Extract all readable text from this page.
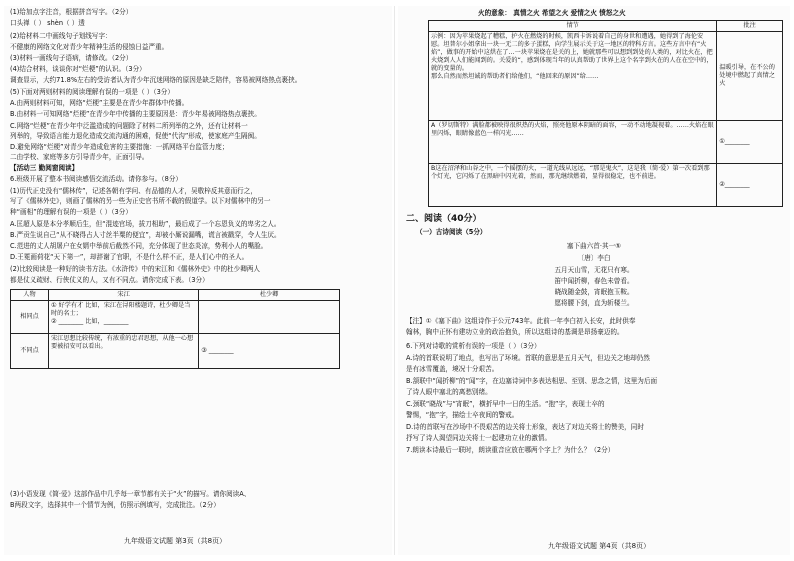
(1)给加点字注音，根据拼音写字。（2分）
口头禅（ ） shèn（ ）透
(2)给材料二中画线句子划线写字：
不健康的网络文化对青少年精神生活的侵蚀日益严重。
(3)材料一画线句子语病，请修改。（2分）
(4)结合材料，谈谈你对“烂梗”的认识。（3分）
调查显示，大约71.8%左右的受访者认为青少年沉迷网络的原因是缺乏陪伴，容易被网络热点裹挟。
(5)下面对两则材料的阅读理解有误的一项是（ ）（3分）
A.由两则材料可知，网络“烂梗”主要是在青少年群体中传播。
B.由材料一可知网络“烂梗”在青少年中传播的主要原因是：青少年易被网络热点裹挟。
C.网络“烂梗”在青少年中泛滥造成的问题除了材料二所列举的之外，还有让材料一
列举的，导致语言能力退化造成交流沟通的困难，促使“代沟”形成，使家庭产生隔阂。
D.避免网络“烂梗”对青少年造成危害的主要措施：一抓网络平台监管力度；
二由学校、家庭等多方引导青少年，正面引导。
【活动三 勤阅窗阅读】
6.班级开展了整本书阅读感悟交流活动。请你参与。（8分）
(1)历代正史没有“儒林传”，记述各朝有学问、有品德的人才，吴敬梓反其意而行之，
写了《儒林外史》，则画了儒林的另一些为正史官书所不载的假道学。以下对儒林中的另一
种“画相”的理解有误的一项是（ ）（3分）
A.匡超人原是本分孝顺后生，但“混迹官场，拔刀相助”，最后成了一个忘恩负义的卑劣之人。
B.严贡生说自己“从不晓得占人寸丝半粟的便宜”，却被小厮说漏嘴，谎言被戳穿，令人生厌。
C.范进的丈人胡屠户在女婿中举前后截然不同，充分体现了世态炎凉，势利小人的嘴脸。
D.王冕画荷花“天下第一”，却辞谢了官职，不是什么样不正，是人们心中的圣人。
(2)比较阅读是一种好的读书方法。《水浒传》中的宋江和《儒林外史》中的杜少卿两人
都是仗义疏财、行侠仗义的人，又有不同点。请你完成下表。（3分）
人物	宋江	杜少卿
相同点	① 好学有才 比如，宋江在浔阳楼题诗，杜少卿是当时的名士；
② ________ 比如，________	

不同点	宋江思想比较传统，有浓重的忠君思想，从他一心想要被招安可以看出。	③ ________
(3)小语发现《简·爱》这部作品中几乎每一章节都有关于“火”的描写。请你阅读A、
B两段文字，选择其中一个情节为例，仿照示例填写，完成批注。（2分）
九年级语文试题 第3页（共8页）
火的意象： 真情之火 希望之火 爱情之火 愤怒之火
情节	批注

示例：因为苹果烧起了糟糕，护火在燃烧的时候，凯西卡诉说着自己的身世和遭遇，她得到了海伦安慰。坦普尔小姐拿出一块一无二的多子蛋糕，向学生展示关于这一地区的特科方言。这些方言中有“火焰”，做事的开始中这烘在了…一块苹果烧在是关的上，她就那些可以想到到处的人类的，对比火在，把火烧到人人们能闻到的。关爱的“，感到体现当年的认真帮助了世界上这个名字到火在的人在在空中的，就的变量的。
那么自然而然坦诚的帮助者们给他们，“他回来的原因”给……	温暖引导，在不公的处境中燃起了真情之火

A（罗切斯特）满脸都被映得很炽热的火焰，照亮他原本阴暗的面容，一动不动地凝视着。……火焰在眼里闪烁，眼睛像蓝色一样闪光……	①________

B这在沼泽和山谷之中，一个摇摆的火，一道光线从远远，“那是鬼火”，这是我（简·爱）第一次看到那个灯光，它闪烁了在黑暗中闪光着，然而，那光继续燃着，显得很稳定，也不前进。	②________
二、阅读（40分）
（一）古诗阅读（5分）
塞下曲六首·其一⑤
〔唐〕李白
五月天山雪，无花只有寒。
笛中闻折柳，春色未曾看。
晓战随金鼓，宵眠抱玉鞍。
愿将腰下剑，直为斩楼兰。
【注】①《塞下曲》这组诗作于公元743年。此前一年李白初入长安，此时供奉
翰林，胸中正怀有建功立业的政治抱负，所以这组诗的基调是昂扬豪迈的。
6.下列对诗歌的赏析有误的一项是（ ）（3分）
A.诗的首联说明了地点，也写出了环境。首联的意思是五月天气，但边关之地却仍然
是有冰雪覆盖，境况十分艰苦。
B.颔联中“闻折柳”的“闻”字，在边塞诗词中多表达相思、至别、思念之情，这里为后面
了诗人眼中塞北的离愁别绪。
C.颈联“晓战”与“宵眠”，横折早中一日的生活。“抱”字，表现士卒的
警惕，“抱”字，描绘士卒夜间的警戒。
D.诗的首联写在沙场中不畏艰苦的边关将士形象，表达了对边关将士的赞美，同时
抒写了诗人渴望同边关将士一起建功立业的激情。
7.朗读本诗最后一联时，朗读重音应放在哪两个字上？为什么？（2分）
九年级语文试题 第4页（共8页）
